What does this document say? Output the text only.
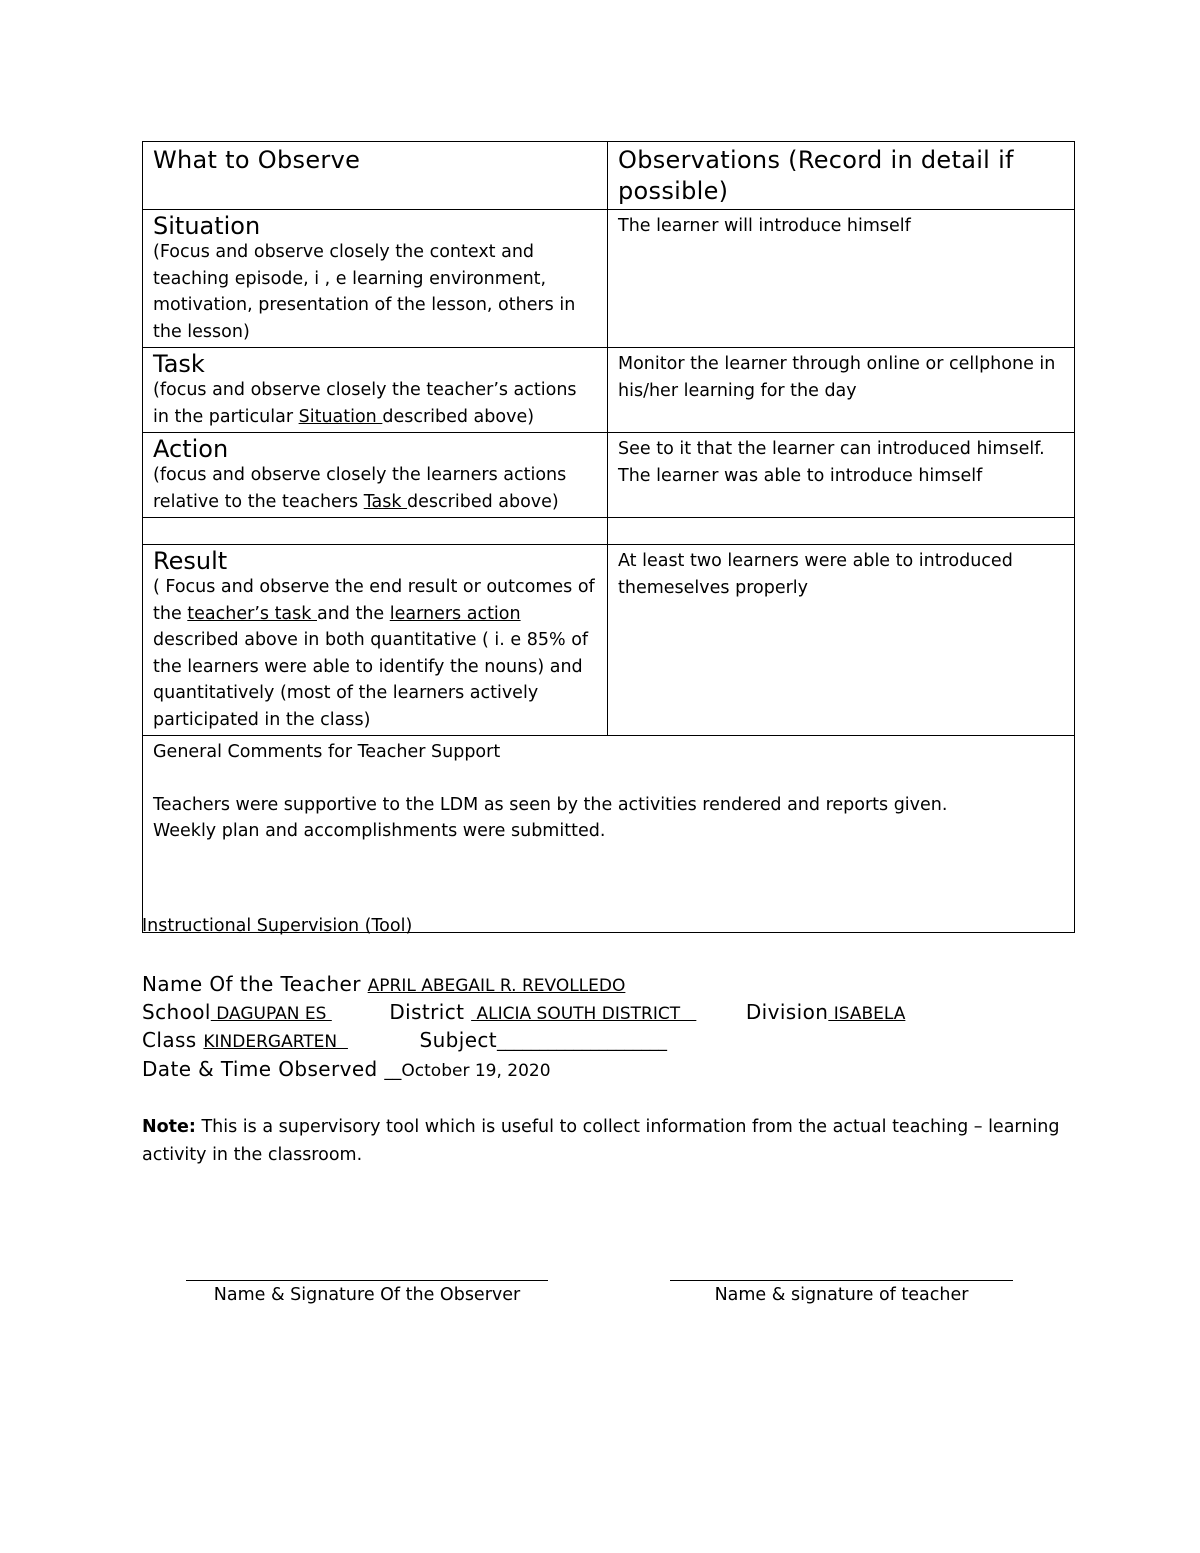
What to Observe	Observations (Record in detail if possible)

Situation
(Focus and observe closely the context and teaching episode, i , e learning environment, motivation, presentation of the lesson, others in the lesson)	The learner will introduce himself

Task
(focus and observe closely the teacher’s actions in the particular Situation described above)	Monitor the learner through online or cellphone in his/her learning for the day

Action
(focus and observe closely the learners actions relative to the teachers Task described above)	See to it that the learner can introduced himself.
The learner was able to introduce himself

Result
( Focus and observe the end result or outcomes of the teacher’s task and the learners action described above in both quantitative ( i. e 85% of the learners were able to identify the nouns) and quantitatively (most of the learners actively participated in the class)	At least two learners were able to introduced themeselves properly

General Comments for Teacher Support
Teachers were supportive to the LDM as seen by the activities rendered and reports given.
Weekly plan and accomplishments were submitted.	
Instructional Supervision (Tool)
Name Of the Teacher APRIL ABEGAIL R. REVOLLEDO
School DAGUPAN ES	District  ALICIA SOUTH DISTRICT     Division ISABELA
Class KINDERGARTEN	Subject____________________
Date & Time Observed __October 19, 2020
Note: This is a supervisory tool which is useful to collect information from the actual teaching – learning activity in the classroom.
Name & Signature Of the Observer	Name & signature of teacher
